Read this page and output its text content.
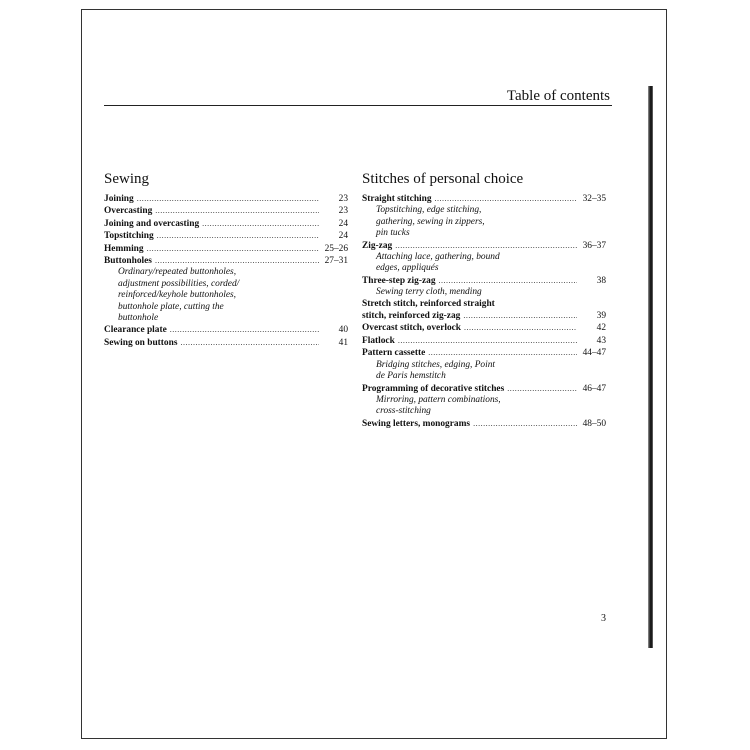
Table of contents
Sewing
Joining .....	23
Overcasting .....	23
Joining and overcasting .....	24
Topstitching .....	24
Hemming .....	25–26
Buttonholes .....	27–31
Ordinary/repeated buttonholes,
adjustment possibilities, corded/
reinforced/keyhole buttonholes,
buttonhole plate, cutting the
buttonhole
Clearance plate .....	40
Sewing on buttons .....	41
Stitches of personal choice
Straight stitching .....	32–35
Topstitching, edge stitching,
gathering, sewing in zippers,
pin tucks
Zig-zag .....	36–37
Attaching lace, gathering, bound
edges, appliqués
Three-step zig-zag .....	38
Sewing terry cloth, mending
Stretch stitch, reinforced straight
stitch, reinforced zig-zag .....	39
Overcast stitch, overlock .....	42
Flatlock .....	43
Pattern cassette .....	44–47
Bridging stitches, edging, Point
de Paris hemstitch
Programming of decorative stitches .....	46–47
Mirroring, pattern combinations,
cross-stitching
Sewing letters, monograms .....	48–50
3
